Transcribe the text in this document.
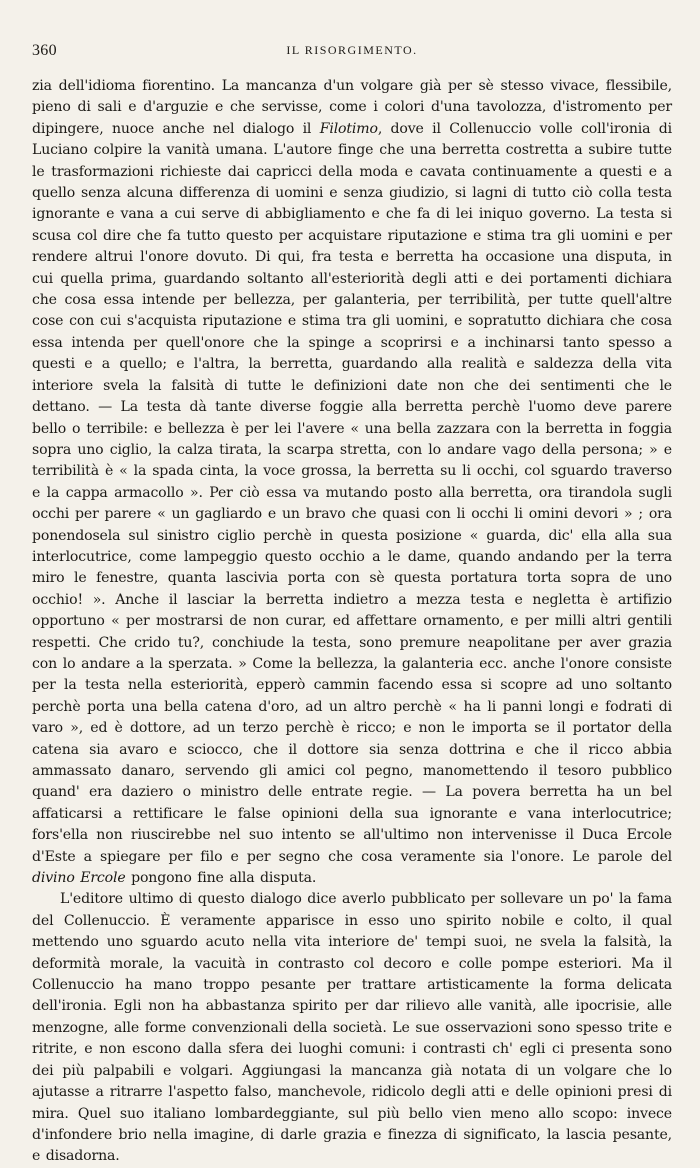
360	IL RISORGIMENTO.

zia dell'idioma fiorentino. La mancanza d'un volgare già per sè stesso vivace, flessibile, pieno di sali e d'arguzie e che servisse, come i colori d'una tavolozza, d'istromento per dipingere, nuoce anche nel dialogo il Filotimo, dove il Collenuccio volle coll'ironia di Luciano colpire la vanità umana. L'autore finge che una berretta costretta a subire tutte le trasformazioni richieste dai capricci della moda e cavata continuamente a questi e a quello senza alcuna differenza di uomini e senza giudizio, si lagni di tutto ciò colla testa ignorante e vana a cui serve di abbigliamento e che fa di lei iniquo governo. La testa si scusa col dire che fa tutto questo per acquistare riputazione e stima tra gli uomini e per rendere altrui l'onore dovuto. Di qui, fra testa e berretta ha occasione una disputa, in cui quella prima, guardando soltanto all'esteriorità degli atti e dei portamenti dichiara che cosa essa intende per bellezza, per galanteria, per terribilità, per tutte quell'altre cose con cui s'acquista riputazione e stima tra gli uomini, e sopratutto dichiara che cosa essa intenda per quell'onore che la spinge a scoprirsi e a inchinarsi tanto spesso a questi e a quello; e l'altra, la berretta, guardando alla realità e saldezza della vita interiore svela la falsità di tutte le definizioni date non che dei sentimenti che le dettano. — La testa dà tante diverse foggie alla berretta perchè l'uomo deve parere bello o terribile: e bellezza è per lei l'avere « una bella zazzara con la berretta in foggia sopra uno ciglio, la calza tirata, la scarpa stretta, con lo andare vago della persona; » e terribilità è « la spada cinta, la voce grossa, la berretta su li occhi, col sguardo traverso e la cappa armacollo ». Per ciò essa va mutando posto alla berretta, ora tirandola sugli occhi per parere « un gagliardo e un bravo che quasi con li occhi li omini devori » ; ora ponendosela sul sinistro ciglio perchè in questa posizione « guarda, dic' ella alla sua interlocutrice, come lampeggio questo occhio a le dame, quando andando per la terra miro le fenestre, quanta lascivia porta con sè questa portatura torta sopra de uno occhio! ». Anche il lasciar la berretta indietro a mezza testa e negletta è artifizio opportuno « per mostrarsi de non curar, ed affettare ornamento, e per milli altri gentili respetti. Che crido tu?, conchiude la testa, sono premure neapolitane per aver grazia con lo andare a la sperzata. » Come la bellezza, la galanteria ecc. anche l'onore consiste per la testa nella esteriorità, epperò cammin facendo essa si scopre ad uno soltanto perchè porta una bella catena d'oro, ad un altro perchè « ha li panni longi e fodrati di varo », ed è dottore, ad un terzo perchè è ricco; e non le importa se il portator della catena sia avaro e sciocco, che il dottore sia senza dottrina e che il ricco abbia ammassato danaro, servendo gli amici col pegno, manomettendo il tesoro pubblico quand' era daziero o ministro delle entrate regie. — La povera berretta ha un bel affaticarsi a rettificare le false opinioni della sua ignorante e vana interlocutrice; fors'ella non riuscirebbe nel suo intento se all'ultimo non intervenisse il Duca Ercole d'Este a spiegare per filo e per segno che cosa veramente sia l'onore. Le parole del divino Ercole pongono fine alla disputa.

L'editore ultimo di questo dialogo dice averlo pubblicato per sollevare un po' la fama del Collenuccio. È veramente apparisce in esso uno spirito nobile e colto, il qual mettendo uno sguardo acuto nella vita interiore de' tempi suoi, ne svela la falsità, la deformità morale, la vacuità in contrasto col decoro e colle pompe esteriori. Ma il Collenuccio ha mano troppo pesante per trattare artisticamente la forma delicata dell'ironia. Egli non ha abbastanza spirito per dar rilievo alle vanità, alle ipocrisie, alle menzogne, alle forme convenzionali della società. Le sue osservazioni sono spesso trite e ritrite, e non escono dalla sfera dei luoghi comuni: i contrasti ch' egli ci presenta sono dei più palpabili e volgari. Aggiungasi la mancanza già notata di un volgare che lo ajutasse a ritrarre l'aspetto falso, manchevole, ridicolo degli atti e delle opinioni presi di mira. Quel suo italiano lombardeggiante, sul più bello vien meno allo scopo: invece d'infondere brio nella imagine, di darle grazia e finezza di significato, la lascia pesante, e disadorna.
